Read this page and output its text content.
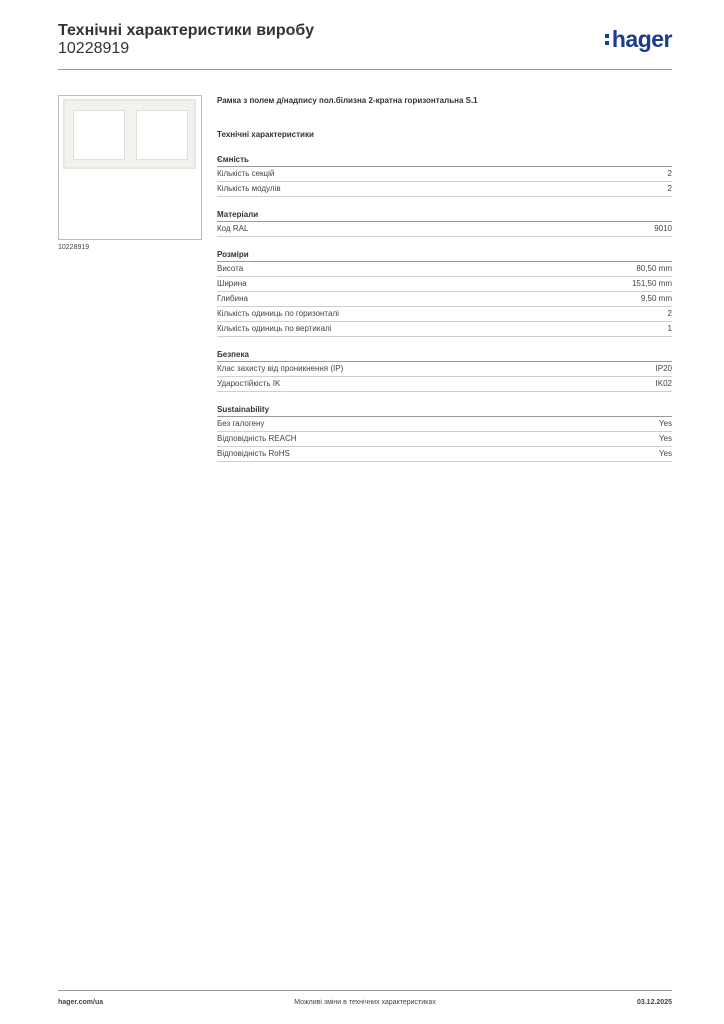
Технічні характеристики виробу
10228919	hager
10228919
Рамка з полем д/надпису пол.білизна 2-кратна горизонтальна S.1
Технічні характеристики
Ємність
Кількість секцій	2
Кількість модулів	2
Матеріали
Код RAL	9010
Розміри
Висота	80,50 mm
Ширина	151,50 mm
Глибина	9,50 mm
Кількість одиниць по горизонталі	2
Кількість одиниць по вертикалі	1
Безпека
Клас захисту від проникнення (IP)	IP20
Ударостійкість IK	IK02
Sustainability
Без галогену	Yes
Відповідність REACH	Yes
Відповідність RoHS	Yes
hager.com/ua	Можливі зміни в технічних характеристиках	03.12.2025
